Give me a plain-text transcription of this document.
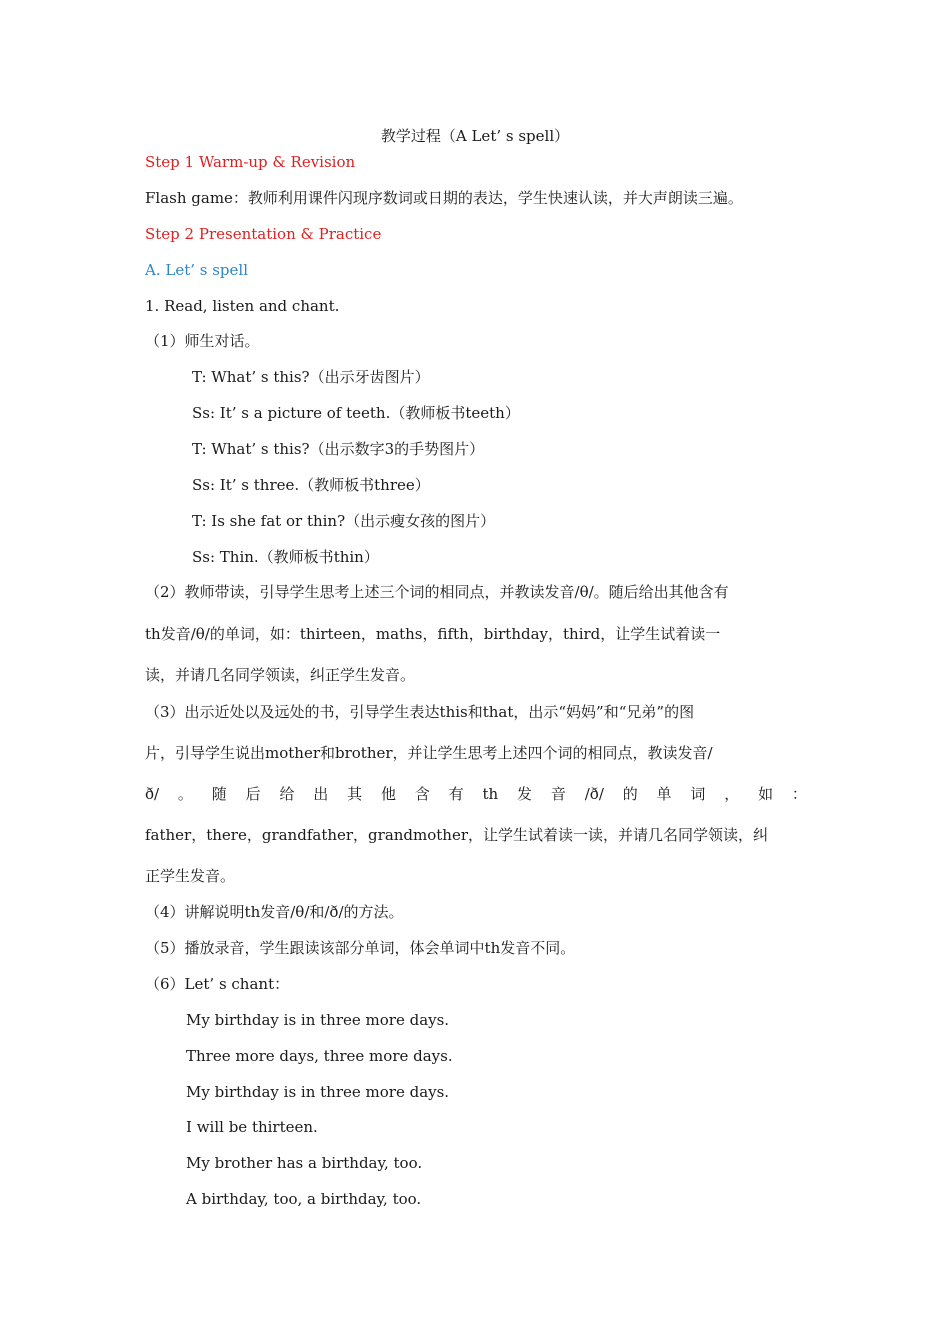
教学过程（A Let’ s spell）
Step 1 Warm-up & Revision
Flash game：教师利用课件闪现序数词或日期的表达，学生快速认读，并大声朗读三遍。
Step 2 Presentation & Practice
A. Let’ s spell
1. Read, listen and chant.
（1）师生对话。
T: What’ s this?（出示牙齿图片）
Ss: It’ s a picture of teeth.（教师板书teeth）
T: What’ s this?（出示数字3的手势图片）
Ss: It’ s three.（教师板书three）
T: Is she fat or thin?（出示瘦女孩的图片）
Ss: Thin.（教师板书thin）
（2）教师带读，引导学生思考上述三个词的相同点，并教读发音/θ/。随后给出其他含有
th发音/θ/的单词，如：thirteen，maths，fifth，birthday，third，让学生试着读一
读，并请几名同学领读，纠正学生发音。
（3）出示近处以及远处的书，引导学生表达this和that，出示“妈妈”和“兄弟”的图
片，引导学生说出mother和brother，并让学生思考上述四个词的相同点，教读发音/
ð/ 。 随 后 给 出 其 他 含 有 th 发 音 /ð/ 的 单 词 ， 如 ：
father，there，grandfather，grandmother，让学生试着读一读，并请几名同学领读，纠
正学生发音。
（4）讲解说明th发音/θ/和/ð/的方法。
（5）播放录音，学生跟读该部分单词，体会单词中th发音不同。
（6）Let’ s chant：
My birthday is in three more days.
Three more days, three more days.
My birthday is in three more days.
I will be thirteen.
My brother has a birthday, too.
A birthday, too, a birthday, too.
